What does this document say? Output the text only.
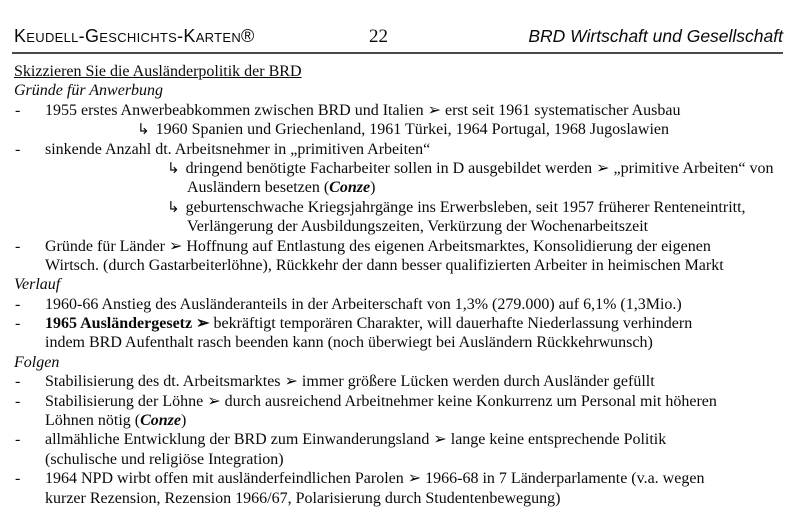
Keudell-Geschichts-Karten®	22	BRD Wirtschaft und Gesellschaft
Skizzieren Sie die Ausländerpolitik der BRD
Gründe für Anwerbung
- 1955 erstes Anwerbeabkommen zwischen BRD und Italien ➢ erst seit 1961 systematischer Ausbau
↳ 1960 Spanien und Griechenland, 1961 Türkei, 1964 Portugal, 1968 Jugoslawien
- sinkende Anzahl dt. Arbeitsnehmer in „primitiven Arbeiten“
↳ dringend benötigte Facharbeiter sollen in D ausgebildet werden ➢ „primitive Arbeiten“ von
Ausländern besetzen (Conze)
↳ geburtenschwache Kriegsjahrgänge ins Erwerbsleben, seit 1957 früherer Renteneintritt,
Verlängerung der Ausbildungszeiten, Verkürzung der Wochenarbeitszeit
- Gründe für Länder ➢ Hoffnung auf Entlastung des eigenen Arbeitsmarktes, Konsolidierung der eigenen
Wirtsch. (durch Gastarbeiterlöhne), Rückkehr der dann besser qualifizierten Arbeiter in heimischen Markt
Verlauf
- 1960-66 Anstieg des Ausländeranteils in der Arbeiterschaft von 1,3% (279.000) auf 6,1% (1,3Mio.)
- 1965 Ausländergesetz ➢ bekräftigt temporären Charakter, will dauerhafte Niederlassung verhindern
indem BRD Aufenthalt rasch beenden kann (noch überwiegt bei Ausländern Rückkehrwunsch)
Folgen
- Stabilisierung des dt. Arbeitsmarktes ➢ immer größere Lücken werden durch Ausländer gefüllt
- Stabilisierung der Löhne ➢ durch ausreichend Arbeitnehmer keine Konkurrenz um Personal mit höheren
Löhnen nötig (Conze)
- allmähliche Entwicklung der BRD zum Einwanderungsland ➢ lange keine entsprechende Politik
(schulische und religiöse Integration)
- 1964 NPD wirbt offen mit ausländerfeindlichen Parolen ➢ 1966-68 in 7 Länderparlamente (v.a. wegen
kurzer Rezension, Rezension 1966/67, Polarisierung durch Studentenbewegung)
